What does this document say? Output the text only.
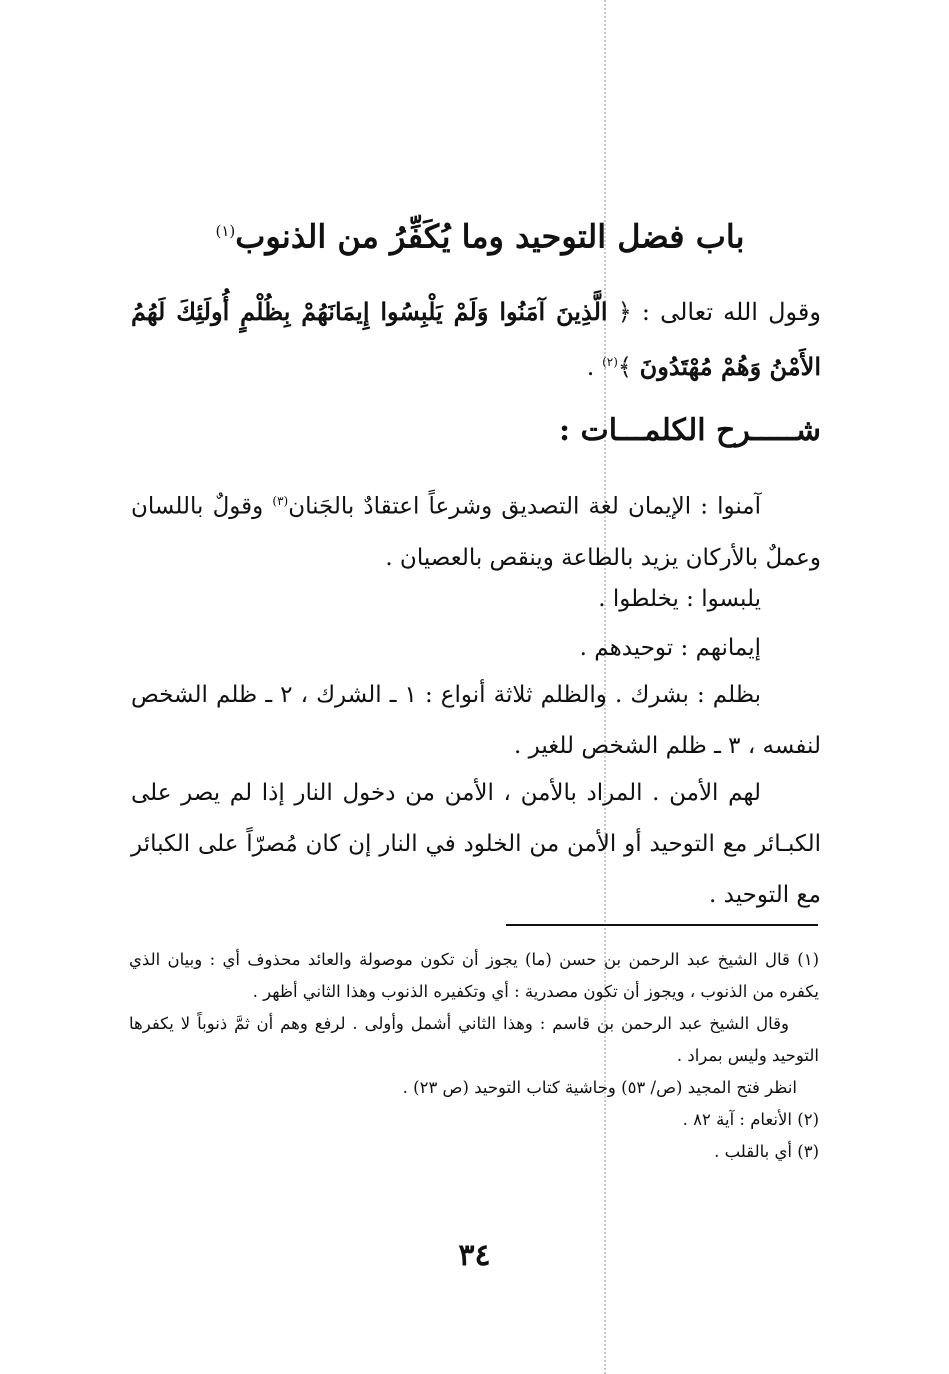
باب فضل التوحيد وما يُكَفِّرُ من الذنوب$^{(١)}$
وقول الله تعالى : ﴿ الَّذِينَ آمَنُوا وَلَمْ يَلْبِسُوا إِيمَانَهُمْ بِظُلْمٍ أُولَئِكَ لَهُمُ الأَمْنُ وَهُمْ مُهْتَدُونَ ﴾$^{(٢)}$ .
شـــــرح الكلمـــات :
آمنوا : الإيمان لغة التصديق وشرعاً اعتقادٌ بالجَنان$^{(٣)}$ وقولٌ باللسان وعملٌ بالأركان يزيد بالطاعة وينقص بالعصيان .
يلبسوا : يخلطوا .
إيمانهم : توحيدهم .
بظلم : بشرك . والظلم ثلاثة أنواع : ١ ـ الشرك ، ٢ ـ ظلم الشخص لنفسه ، ٣ ـ ظلم الشخص للغير .
لهم الأمن . المراد بالأمن ، الأمن من دخول النار إذا لم يصر على الكبـائر مع التوحيد أو الأمن من الخلود في النار إن كان مُصرّاً على الكبائر مع التوحيد .

(١) قال الشيخ عبد الرحمن بن حسن (ما) يجوز أن تكون موصولة والعائد محذوف أي : وبيان الذي يكفره من الذنوب ، ويجوز أن تكون مصدرية : أي وتكفيره الذنوب وهذا الثاني أظهر .

وقال الشيخ عبد الرحمن بن قاسم : وهذا الثاني أشمل وأولى . لرفع وهم أن ثمَّ ذنوباً لا يكفرها التوحيد وليس بمراد .

انظر فتح المجيد (ص/ ٥٣) وحاشية كتاب التوحيد (ص ٢٣) .

(٢) الأنعام : آية ٨٢ .

(٣) أي بالقلب .

٣٤
